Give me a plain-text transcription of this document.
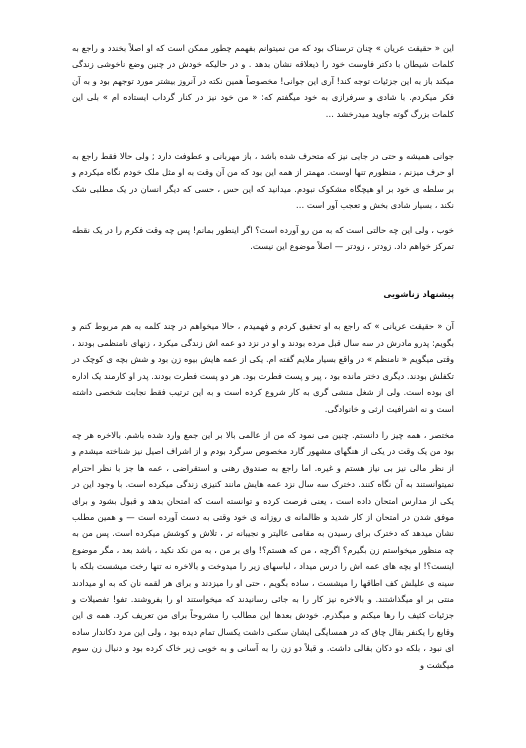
این « حقیقت عریان » چنان ترسناک بود که من نمیتوانم بفهمم چطور ممکن است که او اصلاً بخندد و راجع به کلمات شیطان با دکتر فاوست خود را ذیعلاقه نشان بدهد . و در حالیکه خودش در چنین وضع ناخوشی زندگی میکند باز به این جزئیات توجه کند! آری این جوانی! مخصوصاً همین نکته در آنروز بیشتر مورد توجهم بود و به آن فکر میکردم. با شادی و سرفرازی به خود میگفتم که: « من خود نیز در کنار گرداب ایستاده ام » بلی این کلمات بزرگ گوته جاوید میدرخشد …

جوانی همیشه و حتی در جایی نیز که متحرف شده باشد ، باز مهربانی و عطوفت دارد ; ولی حالا فقط راجع به او حرف میزنم ، منظورم تنها اوست. مهمتر از همه این بود که من آن وقت به او مثل ملک خودم نگاه میکردم و بر سلطه ی خود بر او هیچگاه مشکوک نبودم. میدانید که این حس ، حسی که دیگر انسان در یک مطلبی شک نکند ، بسیار شادی بخش و تعجب آور است …

خوب ، ولی این چه حالتی است که به من رو آورده است؟ اگر اینطور بمانم! پس چه وقت فکرم را در یک نقطه تمرکز خواهم داد. زودتر ، زودتر — اصلاً موضوع این نیست.

پیشنهاد زناشویی

آن « حقیقت عریانی » که راجع به او تحقیق کردم و فهمیدم ، حالا میخواهم در چند کلمه به هم مربوط کنم و بگویم: پدرو مادرش در سه سال قبل مرده بودند و او در نزد دو عمه اش زندگی میکرد ، زنهای نامنظمی بودند ، وقتی میگویم « نامنظم » در واقع بسیار ملایم گفته ام. یکی از عمه هایش بیوه زن بود و شش بچه ی کوچک در تکفلش بودند. دیگری دختر مانده بود ، پیر و پست فطرت بود. هر دو پست فطرت بودند. پدر او کارمند یک اداره ای بوده است. ولی از شغل منشی گری به کار شروع کرده است و به این ترتیب فقط نجابت شخصی داشته است و نه اشرافیت ارثی و خانوادگی.

مختصر ، همه چیز را دانستم. چنین می نمود که من از عالمی بالا بر این جمع وارد شده باشم. بالاخره هر چه بود من یک وقت در یکی از هنگهای مشهور گارد مخصوص سرگرد بودم و از اشراف اصیل نیز شناخته میشدم و از نظر مالی نیز بی نیاز هستم و غیره. اما راجع به صندوق رهنی و استقراضی ، عمه ها جز با نظر احترام نمیتوانستند به آن نگاه کنند. دخترک سه سال نزد عمه هایش مانند کنیزی زندگی میکرده است. با وجود این در یکی از مدارس امتحان داده است ، یعنی فرصت کرده و توانسته است که امتحان بدهد و قبول بشود و برای موفق شدن در امتحان از کار شدید و ظالمانه ی روزانه ی خود وقتی به دست آورده است — و همین مطلب نشان میدهد که دخترک برای رسیدن به مقامی عالیتر و نجیبانه تر ، تلاش و کوشش میکرده است. پس من به چه منظور میخواستم زن بگیرم؟ اگرچه ، من که هستم؟! وای بر من ، به من نکد نکید ، باشد بعد ، مگر موضوع اینست؟! او بچه های عمه اش را درس میداد ، لباسهای زیر را میدوخت و بالاخره نه تنها رخت میشست بلکه با سینه ی علیلش کف اطاقها را میشست ، ساده بگویم ، حتی او را میزدند و برای هر لقمه نان که به او میدادند منتی بر او میگذاشتند. و بالاخره نیز کار را به جائی رسانیدند که میخواستند او را بفروشند. تفو! تفصیلات و جزئیات کثیف را رها میکنم و میگذرم. خودش بعدها این مطالب را مشروحاً برای من تعریف کرد. همه ی این وقایع را یکنفر بقال چاق که در همسایگی ایشان سکنی داشت یکسال تمام دیده بود ، ولی این مرد دکاندار ساده ای نبود ، بلکه دو دکان بقالی داشت. و قبلاً دو زن را به آسانی و به خوبی زیر خاک کرده بود و دنبال زن سوم میگشت و
